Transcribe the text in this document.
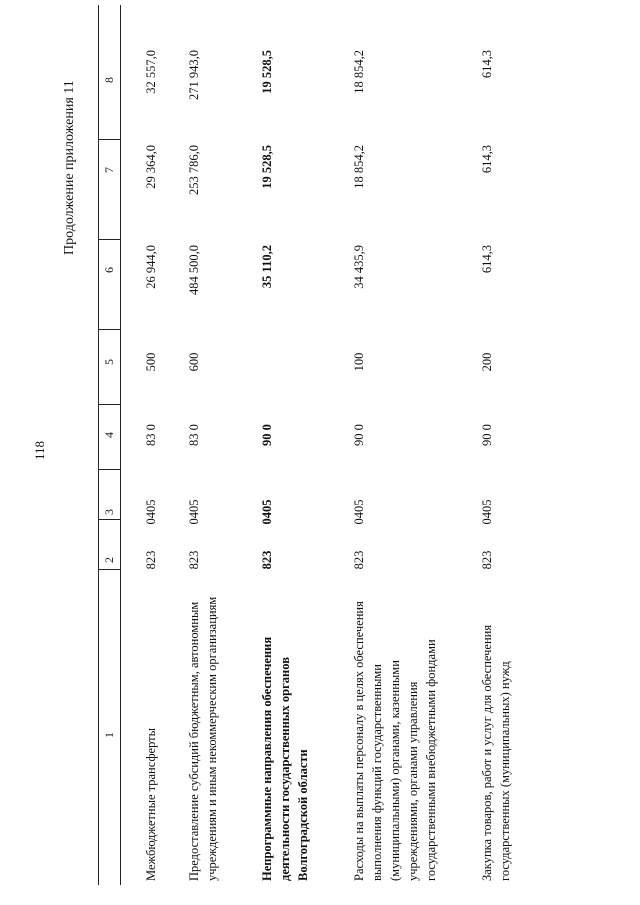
118
Продолжение приложения 11
1
2
3
4
5
6
7
8
Межбюджетные трансферты
823
0405
83 0
500
26 944,0
29 364,0
32 557,0
Предоставление субсидий бюджетным, автономным учреждениям и иным некоммерческим организациям
823
0405
83 0
600
484 500,0
253 786,0
271 943,0
Непрограммные направления обеспечения деятельности государственных органов Волгоградской области
823
0405
90 0
35 110,2
19 528,5
19 528,5
Расходы на выплаты персоналу в целях обеспечения выполнения функций государственными (муниципальными) органами, казенными учреждениями, органами управления государственными внебюджетными фондами
823
0405
90 0
100
34 435,9
18 854,2
18 854,2
Закупка товаров, работ и услуг для обеспечения государственных (муниципальных) нужд
823
0405
90 0
200
614,3
614,3
614,3
